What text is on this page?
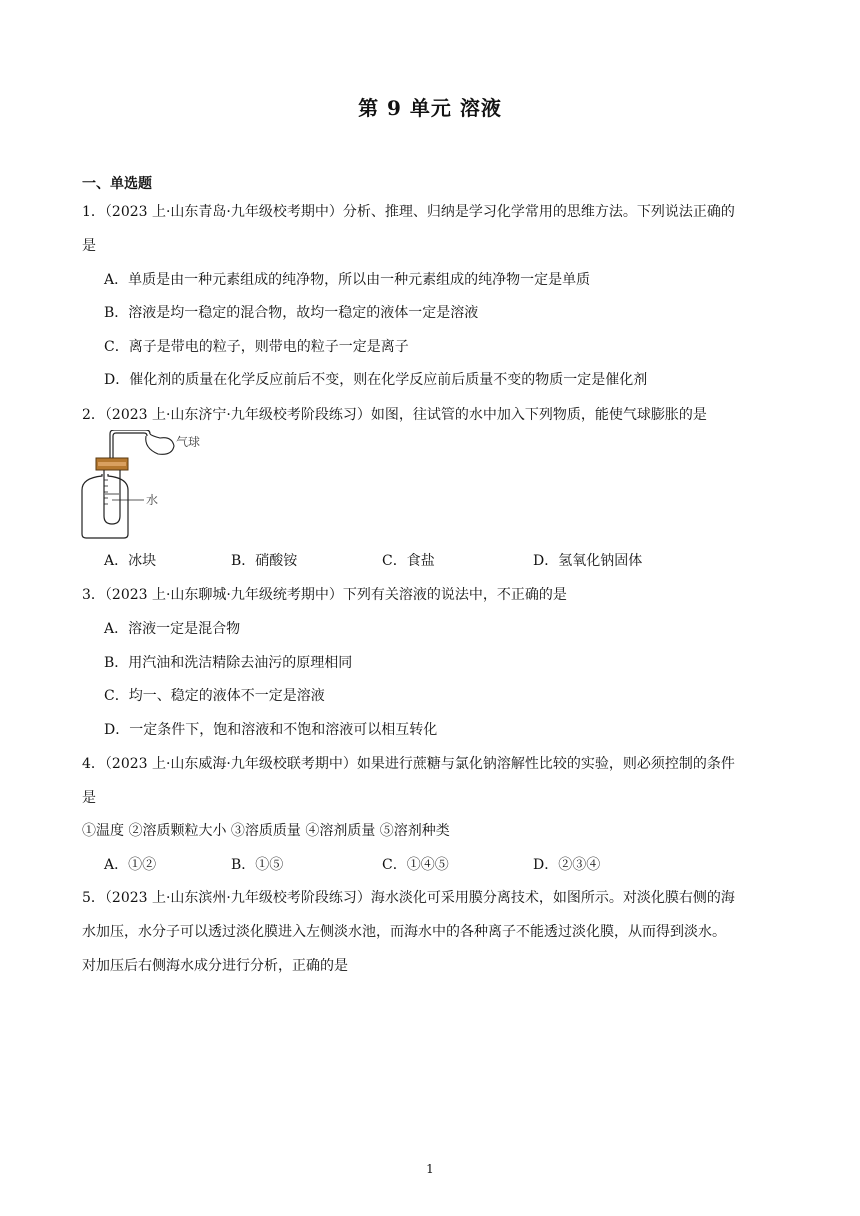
第 9 单元 溶液
一、单选题
1．（2023 上·山东青岛·九年级校考期中）分析、推理、归纳是学习化学常用的思维方法。下列说法正确的
是
A．单质是由一种元素组成的纯净物，所以由一种元素组成的纯净物一定是单质
B．溶液是均一稳定的混合物，故均一稳定的液体一定是溶液
C．离子是带电的粒子，则带电的粒子一定是离子
D．催化剂的质量在化学反应前后不变，则在化学反应前后质量不变的物质一定是催化剂
2．（2023 上·山东济宁·九年级校考阶段练习）如图，往试管的水中加入下列物质，能使气球膨胀的是
气球
水
A．冰块	B．硝酸铵	C．食盐	D．氢氧化钠固体
3．（2023 上·山东聊城·九年级统考期中）下列有关溶液的说法中，不正确的是
A．溶液一定是混合物
B．用汽油和洗洁精除去油污的原理相同
C．均一、稳定的液体不一定是溶液
D．一定条件下，饱和溶液和不饱和溶液可以相互转化
4．（2023 上·山东威海·九年级校联考期中）如果进行蔗糖与氯化钠溶解性比较的实验，则必须控制的条件
是
①温度 ②溶质颗粒大小 ③溶质质量 ④溶剂质量 ⑤溶剂种类
A．①②	B．①⑤	C．①④⑤	D．②③④
5．（2023 上·山东滨州·九年级校考阶段练习）海水淡化可采用膜分离技术，如图所示。对淡化膜右侧的海
水加压，水分子可以透过淡化膜进入左侧淡水池，而海水中的各种离子不能透过淡化膜，从而得到淡水。
对加压后右侧海水成分进行分析，正确的是
1
